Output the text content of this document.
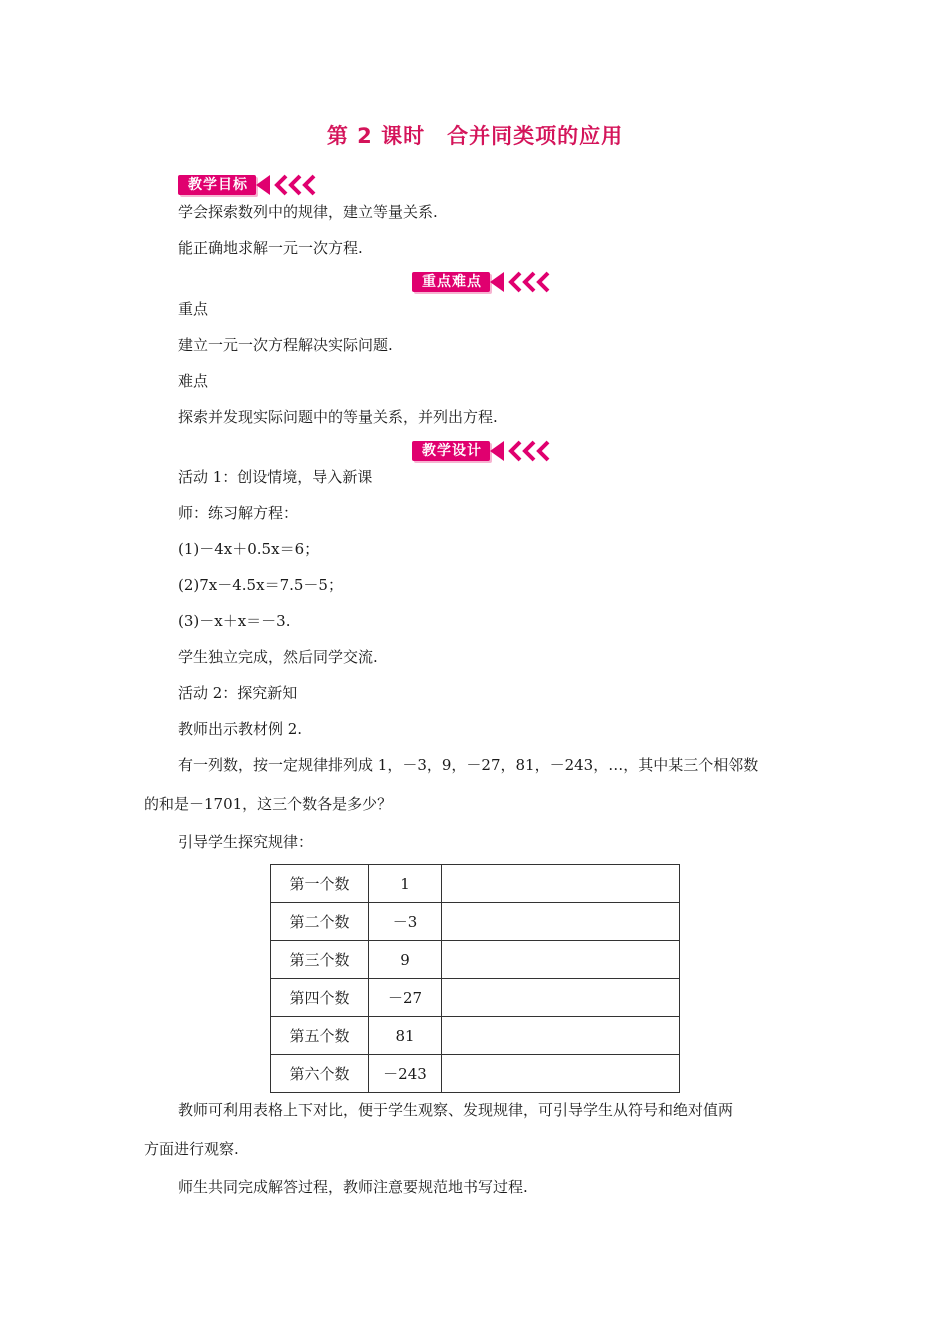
第 2 课时　合并同类项的应用
教学目标
学会探索数列中的规律，建立等量关系.
能正确地求解一元一次方程.
重点难点
重点
建立一元一次方程解决实际问题.
难点
探索并发现实际问题中的等量关系，并列出方程.
教学设计
活动 1：创设情境，导入新课
师：练习解方程：
(1)－4x＋0.5x＝6；
(2)7x－4.5x＝7.5－5；
(3)－x＋x＝－3.
学生独立完成，然后同学交流.
活动 2：探究新知
教师出示教材例 2.
有一列数，按一定规律排列成 1，－3，9，－27，81，－243，…，其中某三个相邻数
的和是－1701，这三个数各是多少？
引导学生探究规律：
第一个数	1	
第二个数	－3	
第三个数	9	
第四个数	－27	
第五个数	81	
第六个数	－243	
教师可利用表格上下对比，便于学生观察、发现规律，可引导学生从符号和绝对值两
方面进行观察.
师生共同完成解答过程，教师注意要规范地书写过程.
